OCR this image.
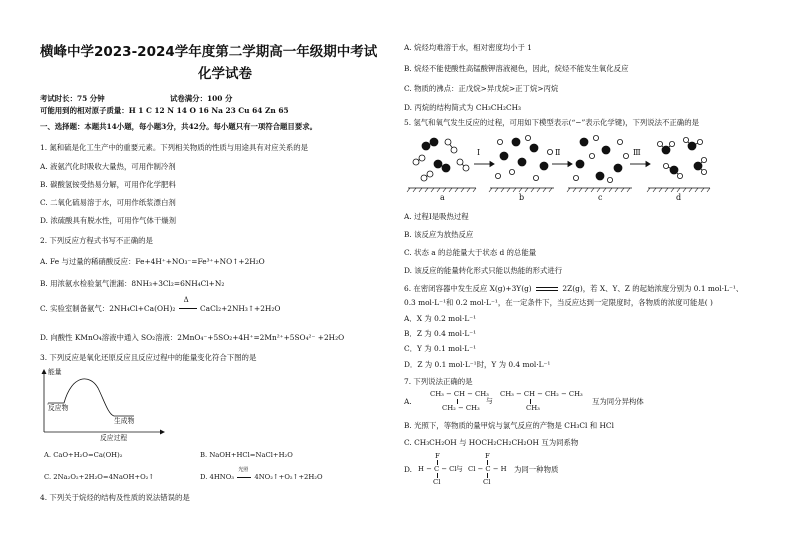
横峰中学2023-2024学年度第二学期高一年级期中考试
化学试卷
考试时长：75 分钟	试卷满分：100 分
可能用到的相对原子质量：H 1 C 12 N 14 O 16 Na 23 Cu 64 Zn 65
一、选择题：本题共14小题，每小题3分，共42分。每小题只有一项符合题目要求。
1. 氮和硫是化工生产中的重要元素。下列相关物质的性质与用途具有对应关系的是
A. 液氨汽化时吸收大量热，可用作制冷剂
B. 碳酸氢铵受热易分解，可用作化学肥料
C. 二氧化硫易溶于水，可用作纸浆漂白剂
D. 浓硫酸具有脱水性，可用作气体干燥剂
2. 下列反应方程式书写不正确的是
A. Fe 与过量的稀硝酸反应：Fe+4H⁺+NO₃⁻=Fe³⁺+NO↑+2H₂O
B. 用浓氨水检验氯气泄漏：8NH₃+3Cl₂=6NH₄Cl+N₂
C. 实验室制备氨气：2NH₄Cl+Ca(OH)₂
Δ
CaCl₂+2NH₃↑+2H₂O
D. 向酸性 KMnO₄溶液中通入 SO₂溶液：2MnO₄⁻+5SO₂+4H⁺=2Mn²⁺+5SO₄²⁻ +2H₂O
3. 下列反应是氧化还原反应且反应过程中的能量变化符合下图的是
能量
反应物
生成物
反应过程
A. CaO+H₂O=Ca(OH)₂	B. NaOH+HCl=NaCl+H₂O
C. 2Na₂O₂+2H₂O=4NaOH+O₂↑	D. 4HNO₃
光照
4NO₂↑+O₂↑+2H₂O
4. 下列关于烷烃的结构及性质的说法错误的是
A. 烷烃均难溶于水，相对密度均小于 1
B. 烷烃不能使酸性高锰酸钾溶液褪色，因此，烷烃不能发生氧化反应
C. 物质的沸点：正戊烷>异戊烷>正丁烷>丙烷
D. 丙烷的结构简式为 CH₃CH₂CH₃
5. 氢气和氧气发生反应的过程，可用如下模型表示(“−”表示化学键)，下列说法不正确的是
Ⅰ	Ⅱ	Ⅲ
a	b	c	d
A. 过程Ⅰ是吸热过程
B. 该反应为放热反应
C. 状态 a 的总能量大于状态 d 的总能量
D. 该反应的能量转化形式只能以热能的形式进行
6. 在密闭容器中发生反应 X(g)+3Y(g)	2Z(g)，若 X、Y、Z 的起始浓度分别为 0.1 mol·L⁻¹、
0.3 mol·L⁻¹和 0.2 mol·L⁻¹，在一定条件下，当反应达到一定限度时，各物质的浓度可能是( )
A．X 为 0.2 mol·L⁻¹
B．Z 为 0.4 mol·L⁻¹
C．Y 为 0.1 mol·L⁻¹
D．Z 为 0.1 mol·L⁻¹时，Y 为 0.4 mol·L⁻¹
7. 下列说法正确的是
A.
CH₃ − CH − CH₃
CH₂ − CH₃
与
CH₃ − CH − CH₂ − CH₃
CH₃
互为同分异构体
B. 光照下，等物质的量甲烷与氯气反应的产物是 CH₃Cl 和 HCl
C. CH₃CH₂OH 与 HOCH₂CH₂CH₂OH 互为同系物
D.
F
H − C − Cl
Cl
与
F
Cl − C − H
Cl
为同一种物质
